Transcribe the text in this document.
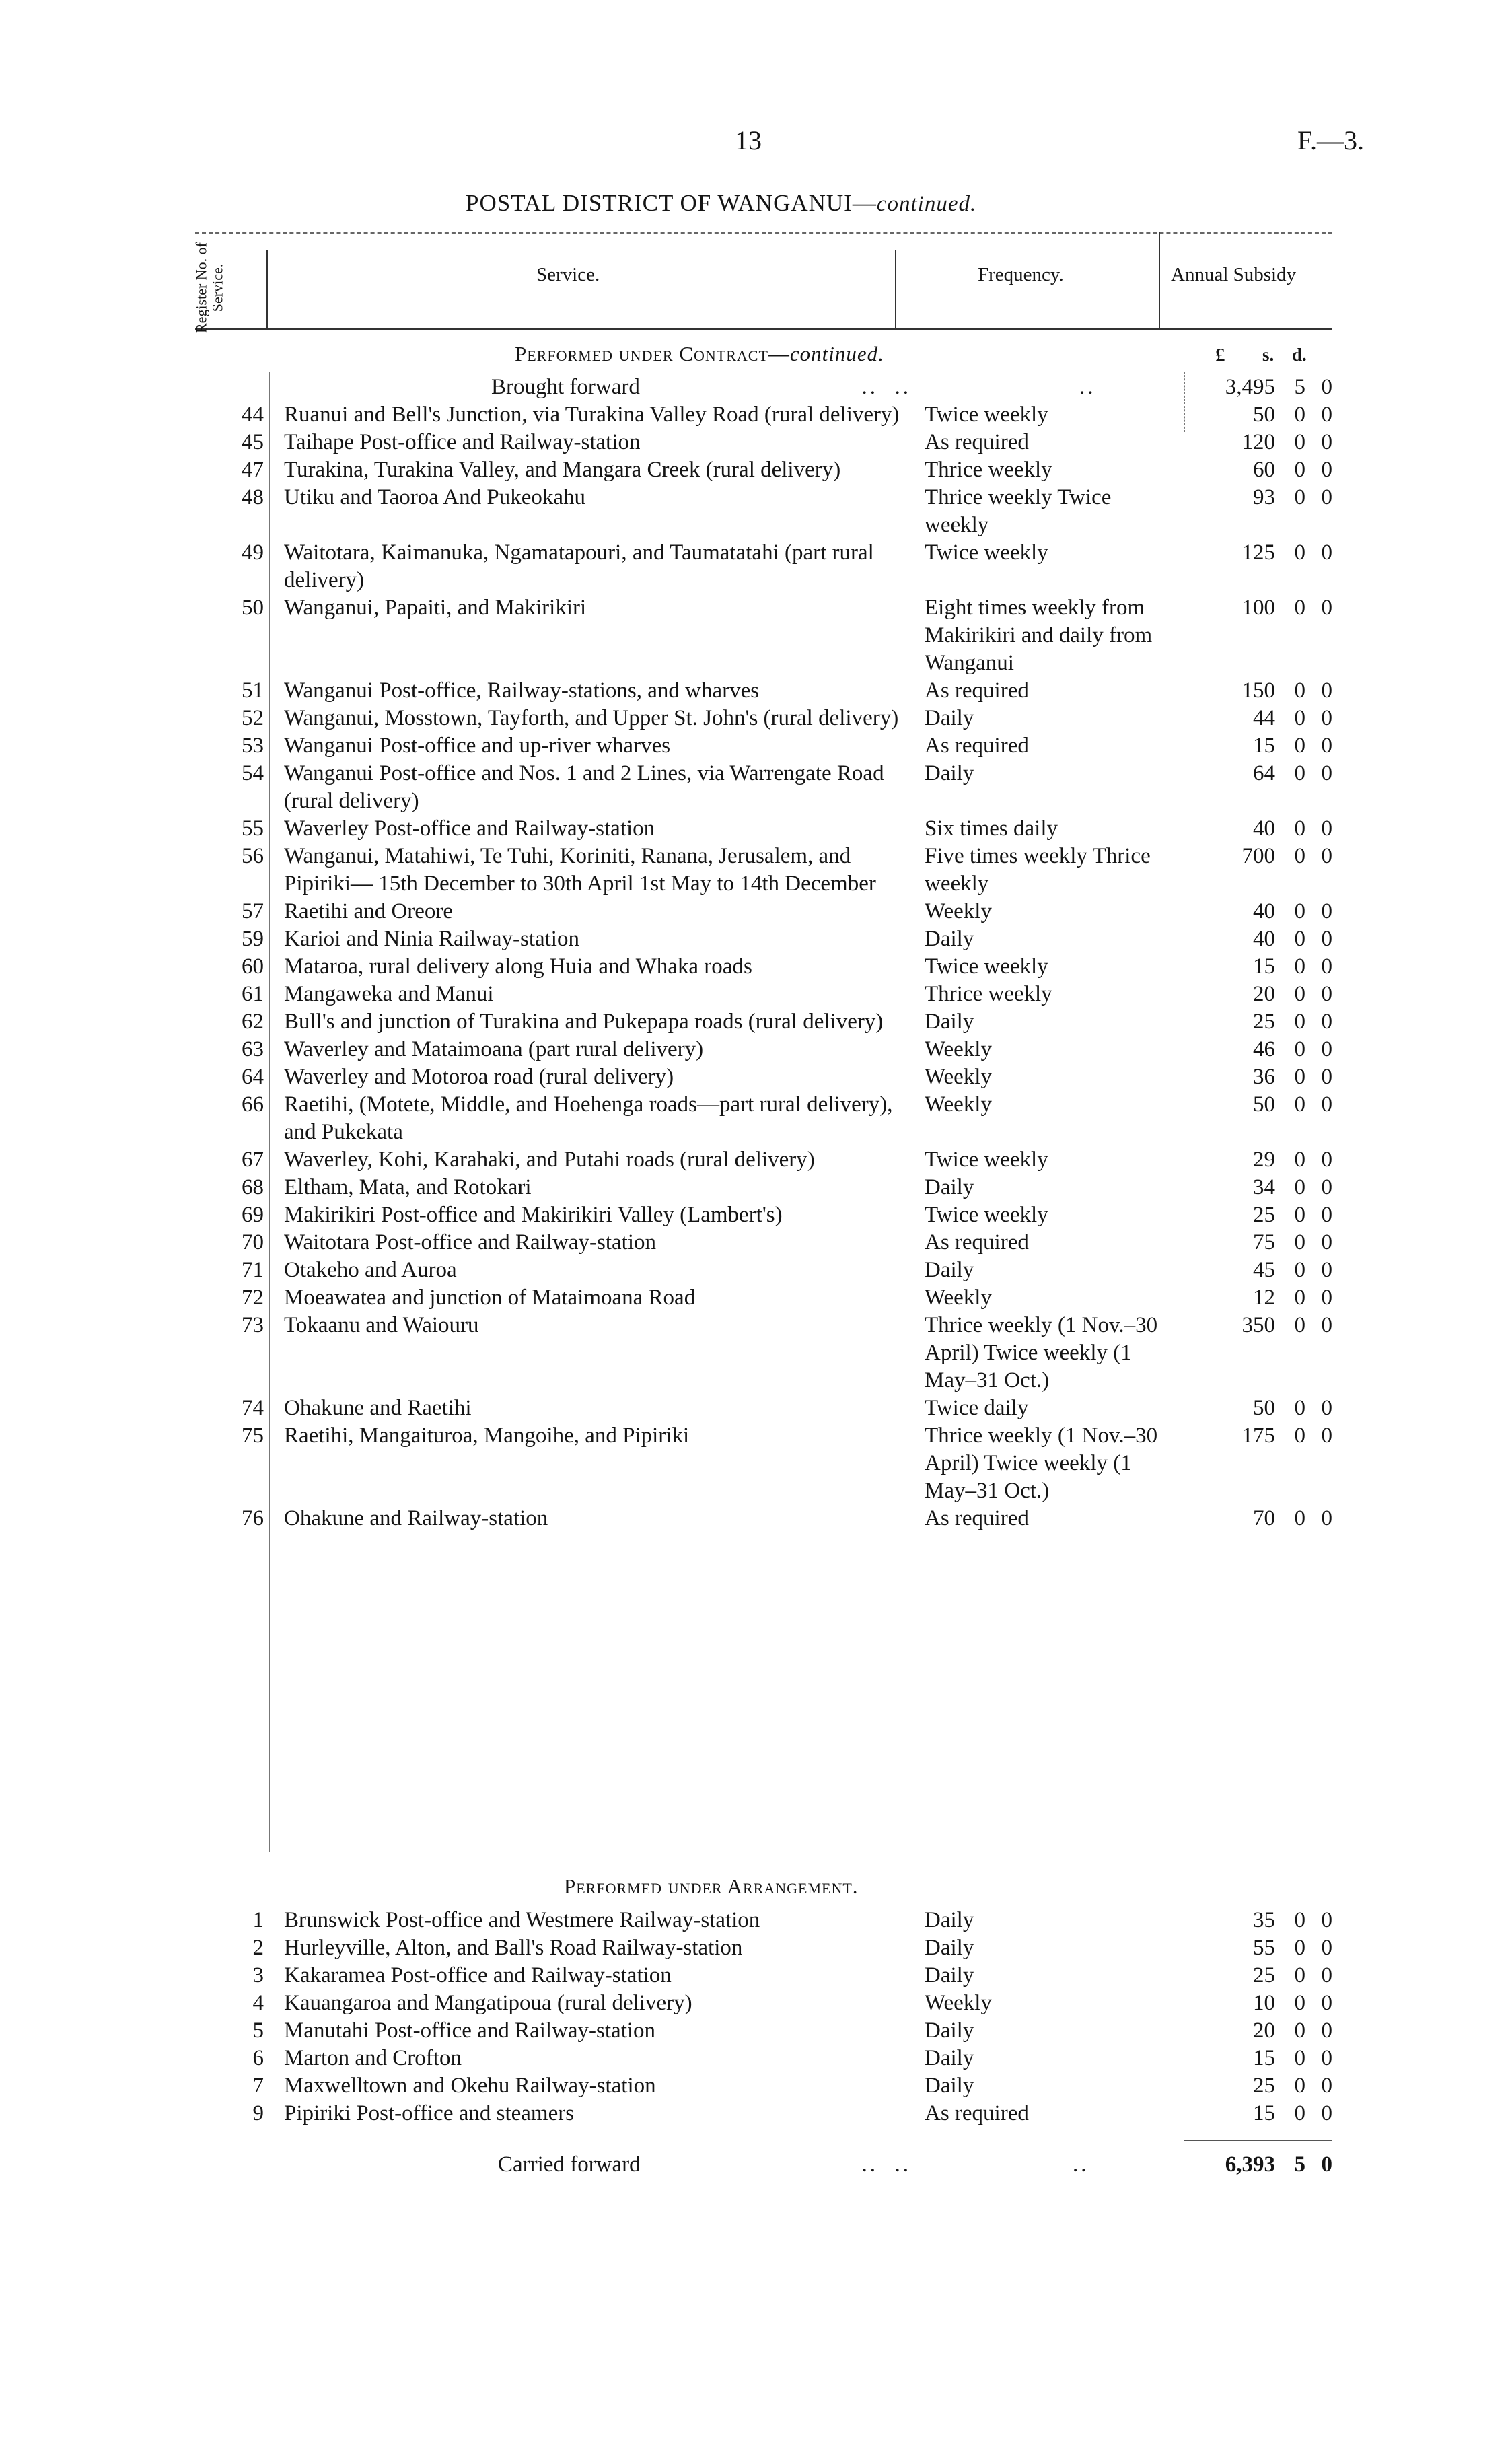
13	F.—3.
POSTAL DISTRICT OF WANGANUI—continued.
Register No. of Service.	Service.	Frequency.	Annual Subsidy
Performed under Contract—continued.	£ s. d.
	Brought forward	..  ..	..	3,495	5	0
44	Ruanui and Bell's Junction, via Turakina Valley Road (rural delivery)	Twice weekly	50	0	0
45	Taihape Post-office and Railway-station	As required	120	0	0
47	Turakina, Turakina Valley, and Mangara Creek (rural delivery)	Thrice weekly	60	0	0
48	Utiku and Taoroa And Pukeokahu	Thrice weekly Twice weekly	93	0	0
49	Waitotara, Kaimanuka, Ngamatapouri, and Taumatatahi (part rural delivery)	Twice weekly	125	0	0
50	Wanganui, Papaiti, and Makirikiri	Eight times weekly from Makirikiri and daily from Wanganui	100	0	0
51	Wanganui Post-office, Railway-stations, and wharves	As required	150	0	0
52	Wanganui, Mosstown, Tayforth, and Upper St. John's (rural delivery)	Daily	44	0	0
53	Wanganui Post-office and up-river wharves	As required	15	0	0
54	Wanganui Post-office and Nos. 1 and 2 Lines, via Warrengate Road (rural delivery)	Daily	64	0	0
55	Waverley Post-office and Railway-station	Six times daily	40	0	0
56	Wanganui, Matahiwi, Te Tuhi, Koriniti, Ranana, Jerusalem, and Pipiriki— 15th December to 30th April 1st May to 14th December	Five times weekly Thrice weekly	700	0	0
57	Raetihi and Oreore	Weekly	40	0	0
59	Karioi and Ninia Railway-station	Daily	40	0	0
60	Mataroa, rural delivery along Huia and Whaka roads	Twice weekly	15	0	0
61	Mangaweka and Manui	Thrice weekly	20	0	0
62	Bull's and junction of Turakina and Pukepapa roads (rural delivery)	Daily	25	0	0
63	Waverley and Mataimoana (part rural delivery)	Weekly	46	0	0
64	Waverley and Motoroa road (rural delivery)	Weekly	36	0	0
66	Raetihi, (Motete, Middle, and Hoehenga roads—part rural delivery), and Pukekata	Weekly	50	0	0
67	Waverley, Kohi, Karahaki, and Putahi roads (rural delivery)	Twice weekly	29	0	0
68	Eltham, Mata, and Rotokari	Daily	34	0	0
69	Makirikiri Post-office and Makirikiri Valley (Lambert's)	Twice weekly	25	0	0
70	Waitotara Post-office and Railway-station	As required	75	0	0
71	Otakeho and Auroa	Daily	45	0	0
72	Moeawatea and junction of Mataimoana Road	Weekly	12	0	0
73	Tokaanu and Waiouru	Thrice weekly (1 Nov.–30 April) Twice weekly (1 May–31 Oct.)	350	0	0
74	Ohakune and Raetihi	Twice daily	50	0	0
75	Raetihi, Mangaituroa, Mangoihe, and Pipiriki	Thrice weekly (1 Nov.–30 April) Twice weekly (1 May–31 Oct.)	175	0	0
76	Ohakune and Railway-station	As required	70	0	0
Performed under Arrangement.
1	Brunswick Post-office and Westmere Railway-station	Daily	35	0	0
2	Hurleyville, Alton, and Ball's Road Railway-station	Daily	55	0	0
3	Kakaramea Post-office and Railway-station	Daily	25	0	0
4	Kauangaroa and Mangatipoua (rural delivery)	Weekly	10	0	0
5	Manutahi Post-office and Railway-station	Daily	20	0	0
6	Marton and Crofton	Daily	15	0	0
7	Maxwelltown and Okehu Railway-station	Daily	25	0	0
9	Pipiriki Post-office and steamers	As required	15	0	0
	Carried forward	..  ..	..	6,393	5	0
